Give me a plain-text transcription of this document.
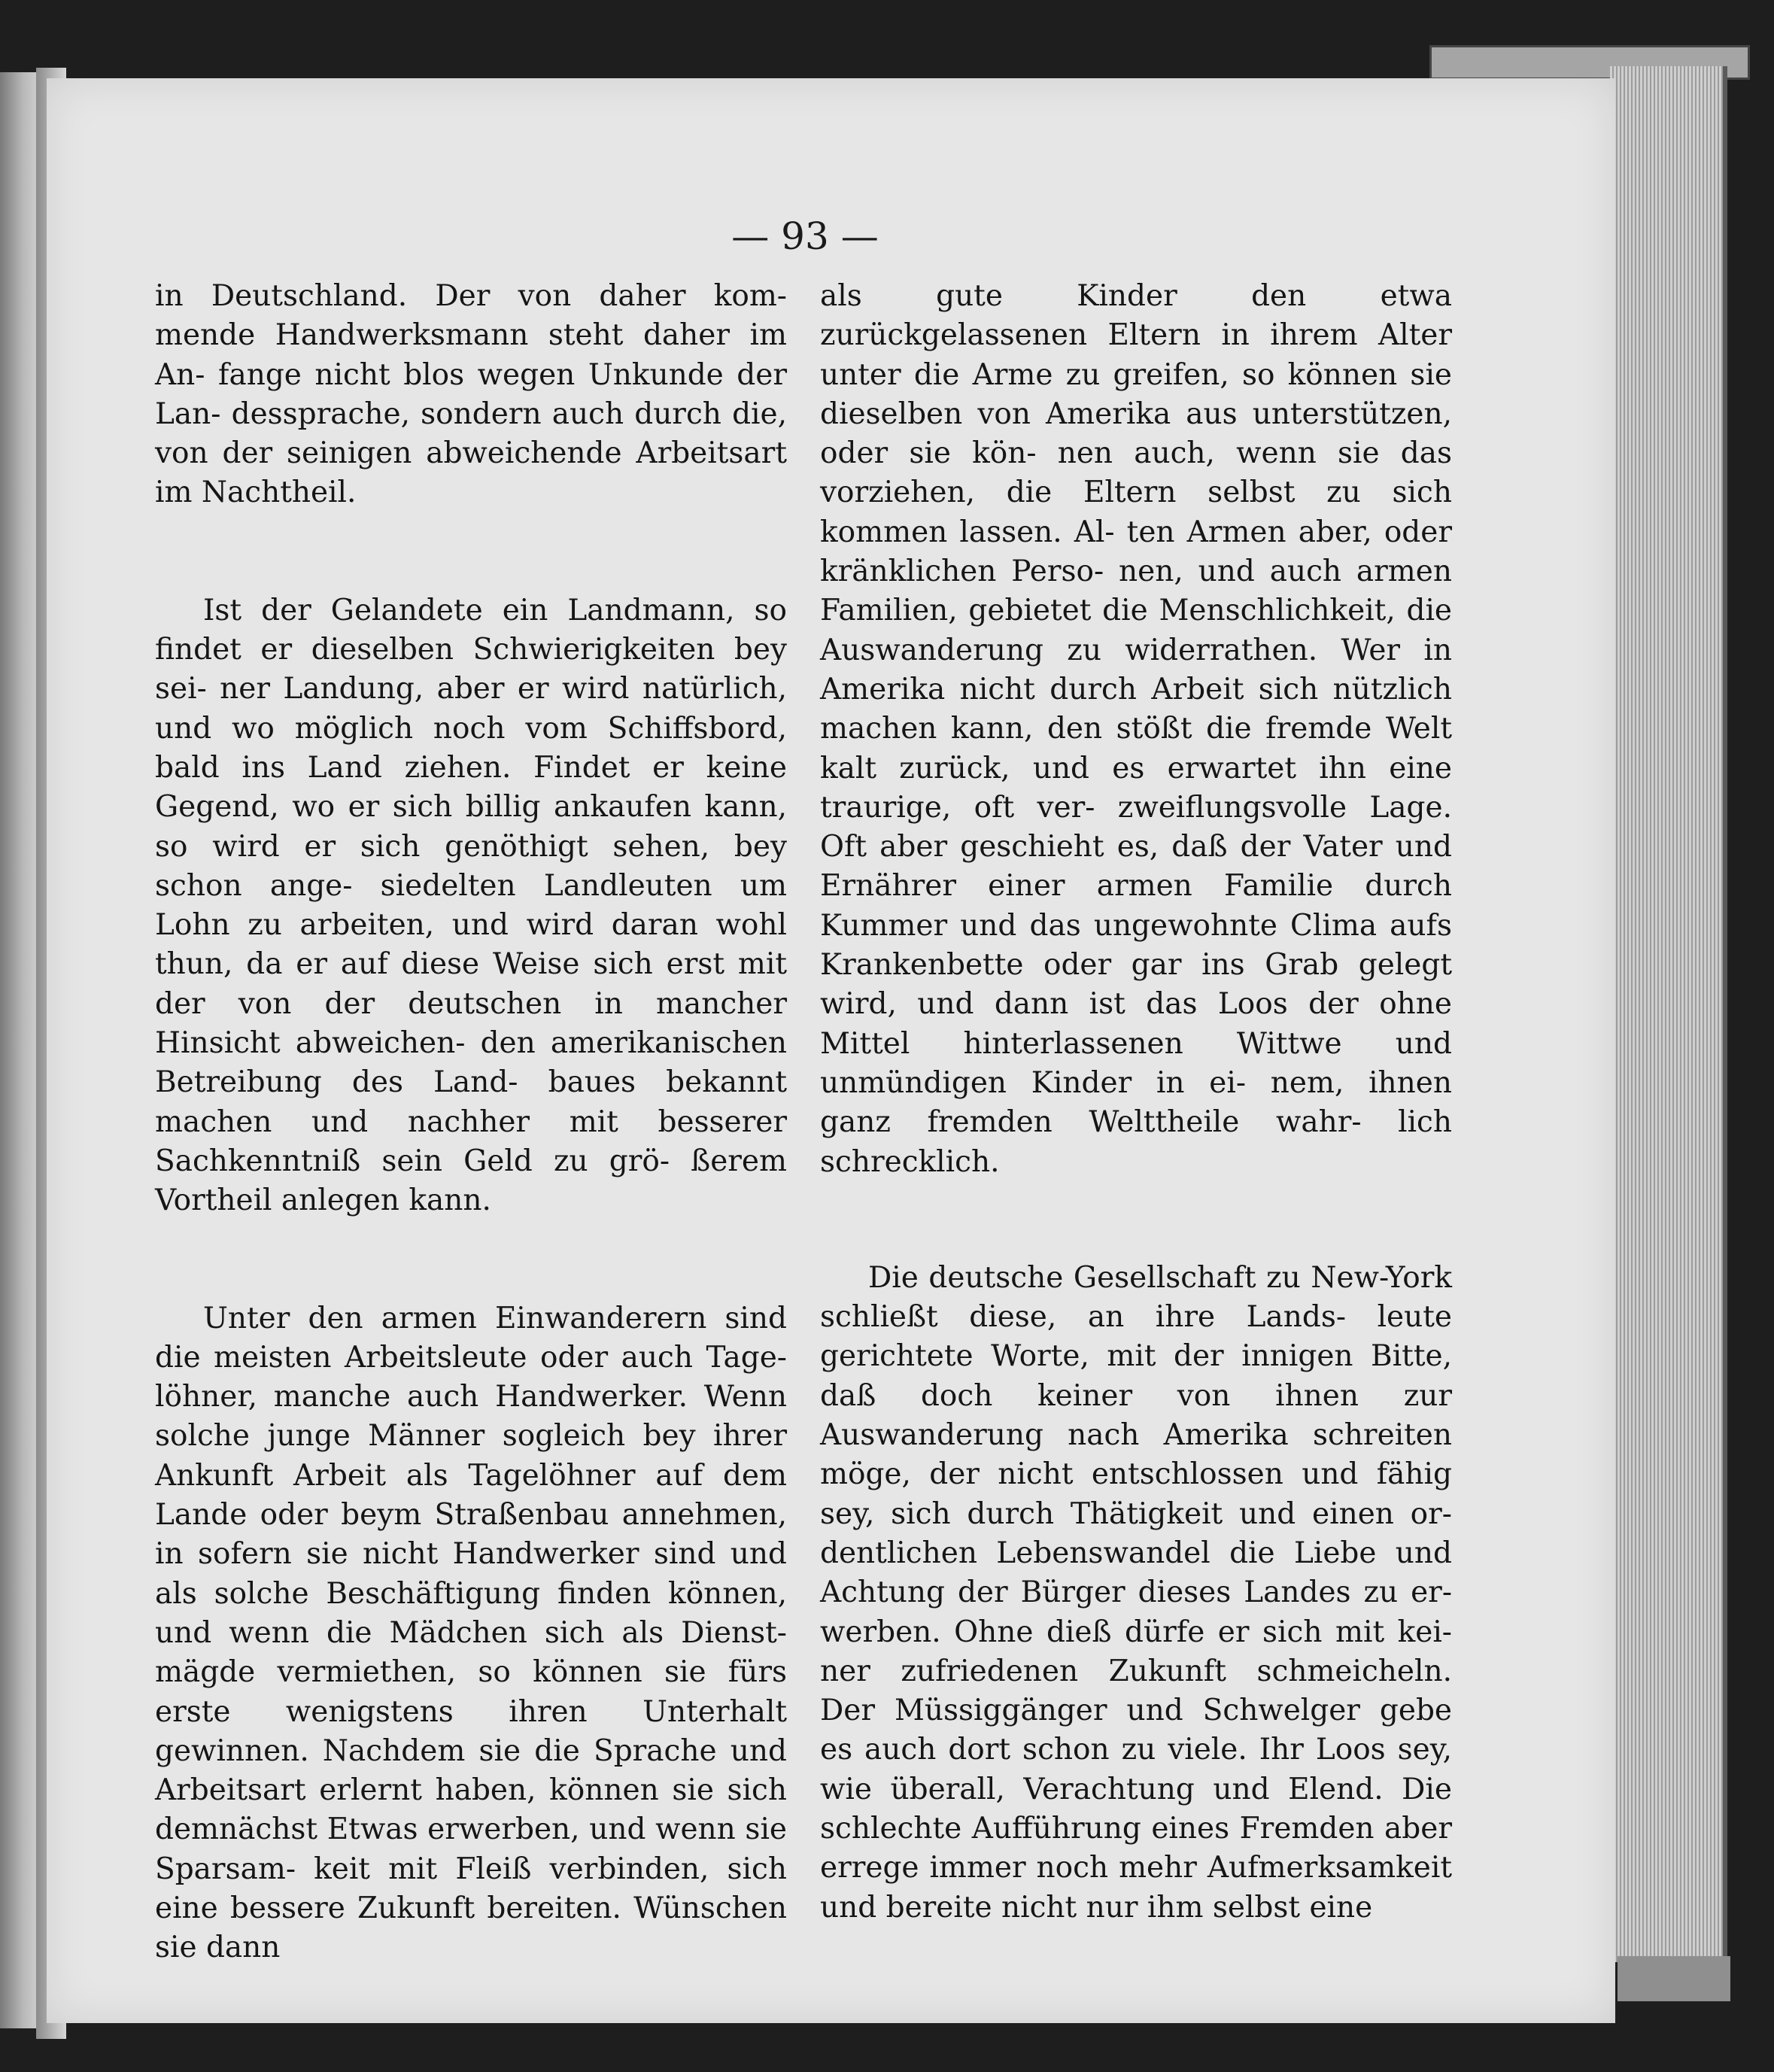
— 93 —

in Deutschland. Der von daher kom- mende Handwerksmann steht daher im An- fange nicht blos wegen Unkunde der Lan- dessprache, sondern auch durch die, von der seinigen abweichende Arbeitsart im Nachtheil.

Ist der Gelandete ein Landmann, so findet er dieselben Schwierigkeiten bey sei- ner Landung, aber er wird natürlich, und wo möglich noch vom Schiffsbord, bald ins Land ziehen. Findet er keine Gegend, wo er sich billig ankaufen kann, so wird er sich genöthigt sehen, bey schon ange- siedelten Landleuten um Lohn zu arbeiten, und wird daran wohl thun, da er auf diese Weise sich erst mit der von der deutschen in mancher Hinsicht abweichen- den amerikanischen Betreibung des Land- baues bekannt machen und nachher mit besserer Sachkenntniß sein Geld zu grö- ßerem Vortheil anlegen kann.

Unter den armen Einwanderern sind die meisten Arbeitsleute oder auch Tage- löhner, manche auch Handwerker. Wenn solche junge Männer sogleich bey ihrer Ankunft Arbeit als Tagelöhner auf dem Lande oder beym Straßenbau annehmen, in sofern sie nicht Handwerker sind und als solche Beschäftigung finden können, und wenn die Mädchen sich als Dienst- mägde vermiethen, so können sie fürs erste wenigstens ihren Unterhalt gewinnen. Nachdem sie die Sprache und Arbeitsart erlernt haben, können sie sich demnächst Etwas erwerben, und wenn sie Sparsam- keit mit Fleiß verbinden, sich eine bessere Zukunft bereiten. Wünschen sie dann

als gute Kinder den etwa zurückgelassenen Eltern in ihrem Alter unter die Arme zu greifen, so können sie dieselben von Amerika aus unterstützen, oder sie kön- nen auch, wenn sie das vorziehen, die Eltern selbst zu sich kommen lassen. Al- ten Armen aber, oder kränklichen Perso- nen, und auch armen Familien, gebietet die Menschlichkeit, die Auswanderung zu widerrathen. Wer in Amerika nicht durch Arbeit sich nützlich machen kann, den stößt die fremde Welt kalt zurück, und es erwartet ihn eine traurige, oft ver- zweiflungsvolle Lage. Oft aber geschieht es, daß der Vater und Ernährer einer armen Familie durch Kummer und das ungewohnte Clima aufs Krankenbette oder gar ins Grab gelegt wird, und dann ist das Loos der ohne Mittel hinterlassenen Wittwe und unmündigen Kinder in ei- nem, ihnen ganz fremden Welttheile wahr- lich schrecklich.

Die deutsche Gesellschaft zu New-York schließt diese, an ihre Lands- leute gerichtete Worte, mit der innigen Bitte, daß doch keiner von ihnen zur Auswanderung nach Amerika schreiten möge, der nicht entschlossen und fähig sey, sich durch Thätigkeit und einen or- dentlichen Lebenswandel die Liebe und Achtung der Bürger dieses Landes zu er- werben. Ohne dieß dürfe er sich mit kei- ner zufriedenen Zukunft schmeicheln. Der Müssiggänger und Schwelger gebe es auch dort schon zu viele. Ihr Loos sey, wie überall, Verachtung und Elend. Die schlechte Aufführung eines Fremden aber errege immer noch mehr Aufmerksamkeit und bereite nicht nur ihm selbst eine
